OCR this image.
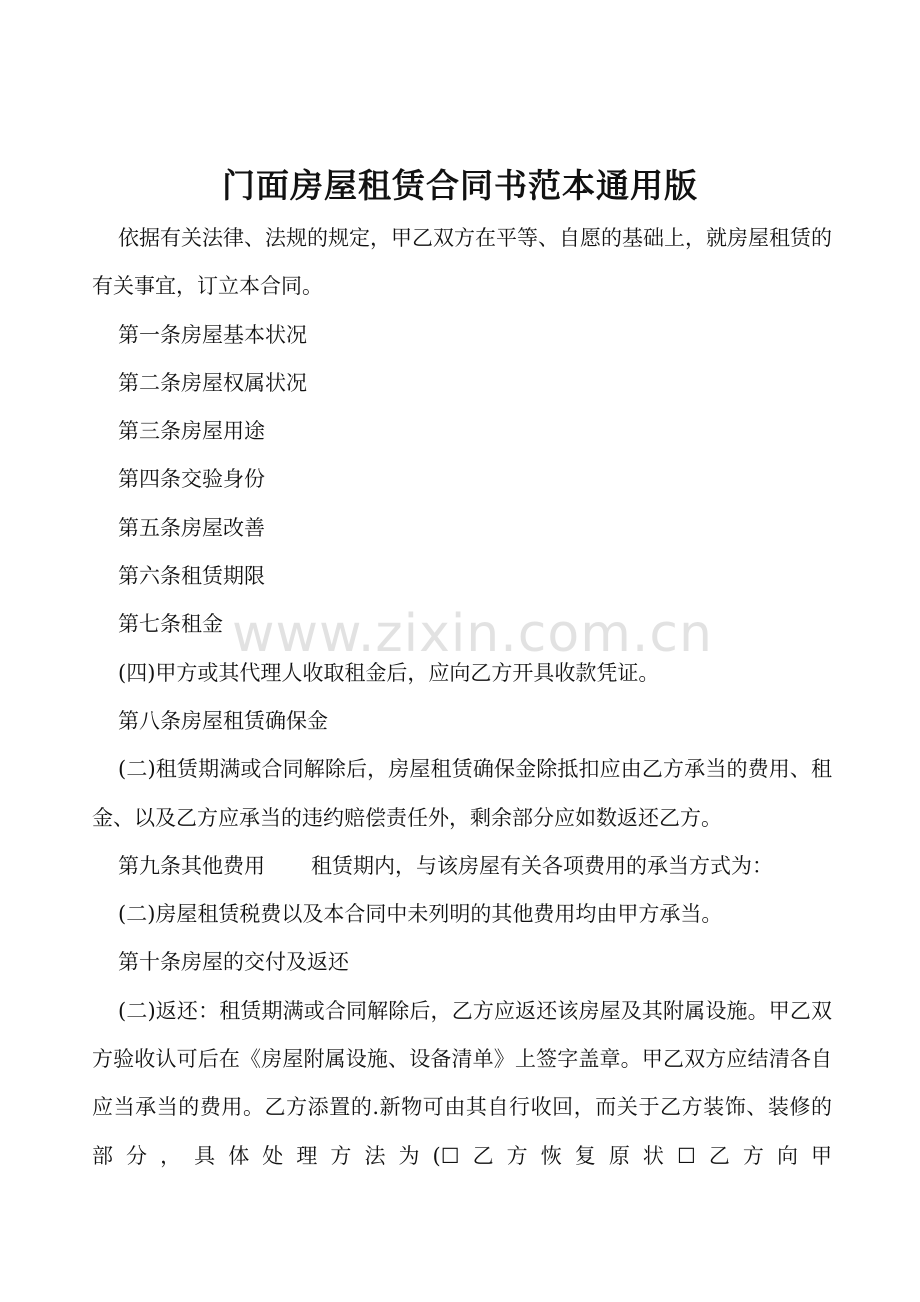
门面房屋租赁合同书范本通用版

依据有关法律、法规的规定，甲乙双方在平等、自愿的基础上，就房屋租赁的有关事宜，订立本合同。

第一条房屋基本状况

第二条房屋权属状况

第三条房屋用途

第四条交验身份

第五条房屋改善

第六条租赁期限

第七条租金

(四)甲方或其代理人收取租金后，应向乙方开具收款凭证。

第八条房屋租赁确保金

(二)租赁期满或合同解除后，房屋租赁确保金除抵扣应由乙方承当的费用、租金、以及乙方应承当的违约赔偿责任外，剩余部分应如数返还乙方。

第九条其他费用 租赁期内，与该房屋有关各项费用的承当方式为：

(二)房屋租赁税费以及本合同中未列明的其他费用均由甲方承当。

第十条房屋的交付及返还

(二)返还：租赁期满或合同解除后，乙方应返还该房屋及其附属设施。甲乙双方验收认可后在《房屋附属设施、设备清单》上签字盖章。甲乙双方应结清各自应当承当的费用。乙方添置的.新物可由其自行收回，而关于乙方装饰、装修的部分，具体处理方法为(☐乙方恢复原状☐乙方向甲

www.zixin.com.cn
